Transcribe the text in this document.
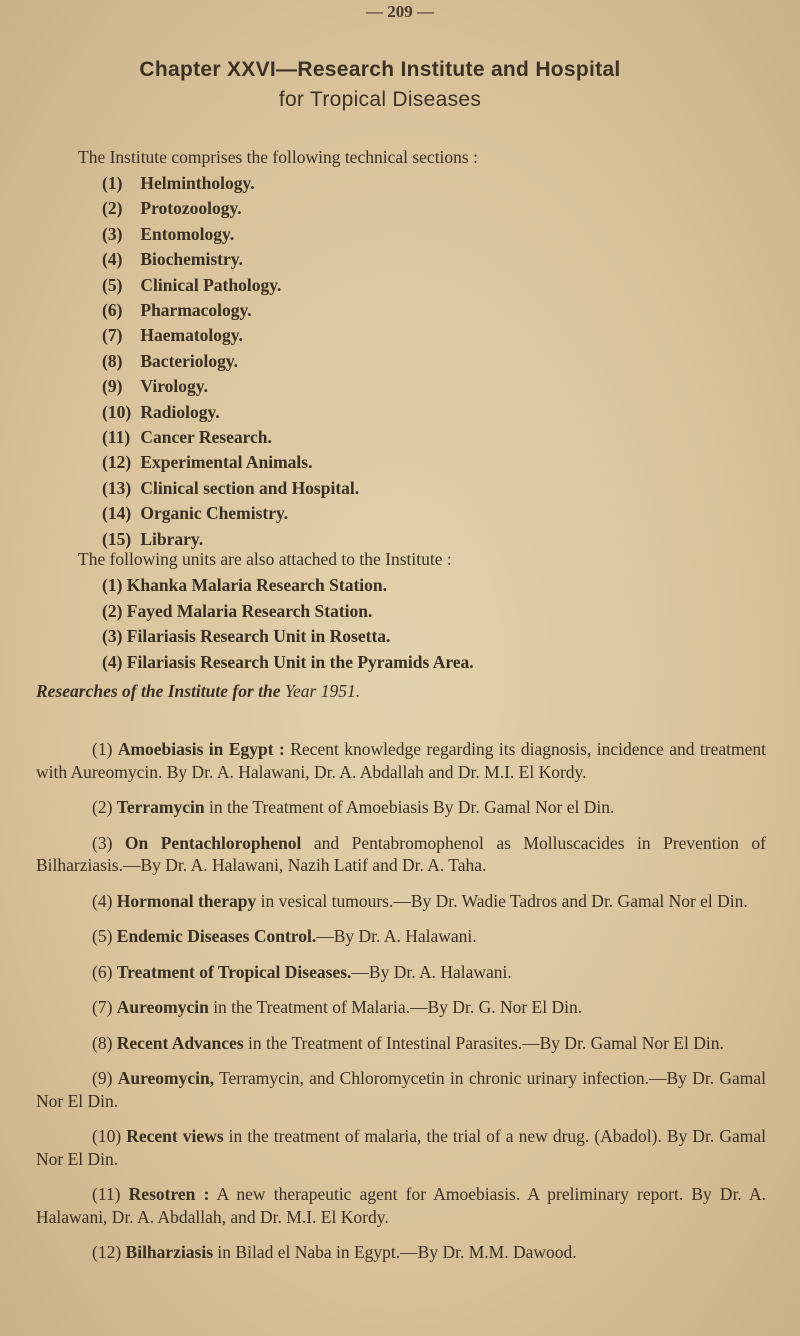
— 209 —
Chapter XXVI—Research Institute and Hospital
for Tropical Diseases
The Institute comprises the following technical sections :
(1) Helminthology.
(2) Protozoology.
(3) Entomology.
(4) Biochemistry.
(5) Clinical Pathology.
(6) Pharmacology.
(7) Haematology.
(8) Bacteriology.
(9) Virology.
(10) Radiology.
(11) Cancer Research.
(12) Experimental Animals.
(13) Clinical section and Hospital.
(14) Organic Chemistry.
(15) Library.
The following units are also attached to the Institute :
(1) Khanka Malaria Research Station.
(2) Fayed Malaria Research Station.
(3) Filariasis Research Unit in Rosetta.
(4) Filariasis Research Unit in the Pyramids Area.
Researches of the Institute for the Year 1951.
(1) Amoebiasis in Egypt : Recent knowledge regarding its diagnosis, incidence and treatment with Aureomycin. By Dr. A. Halawani, Dr. A. Abdallah and Dr. M.I. El Kordy.
(2) Terramycin in the Treatment of Amoebiasis By Dr. Gamal Nor el Din.
(3) On Pentachlorophenol and Pentabromophenol as Molluscacides in Prevention of Bilharziasis.—By Dr. A. Halawani, Nazih Latif and Dr. A. Taha.
(4) Hormonal therapy in vesical tumours.—By Dr. Wadie Tadros and Dr. Gamal Nor el Din.
(5) Endemic Diseases Control.—By Dr. A. Halawani.
(6) Treatment of Tropical Diseases.—By Dr. A. Halawani.
(7) Aureomycin in the Treatment of Malaria.—By Dr. G. Nor El Din.
(8) Recent Advances in the Treatment of Intestinal Parasites.—By Dr. Gamal Nor El Din.
(9) Aureomycin, Terramycin, and Chloromycetin in chronic urinary infection.—By Dr. Gamal Nor El Din.
(10) Recent views in the treatment of malaria, the trial of a new drug. (Abadol). By Dr. Gamal Nor El Din.
(11) Resotren : A new therapeutic agent for Amoebiasis. A preliminary report. By Dr. A. Halawani, Dr. A. Abdallah, and Dr. M.I. El Kordy.
(12) Bilharziasis in Bilad el Naba in Egypt.—By Dr. M.M. Dawood.
